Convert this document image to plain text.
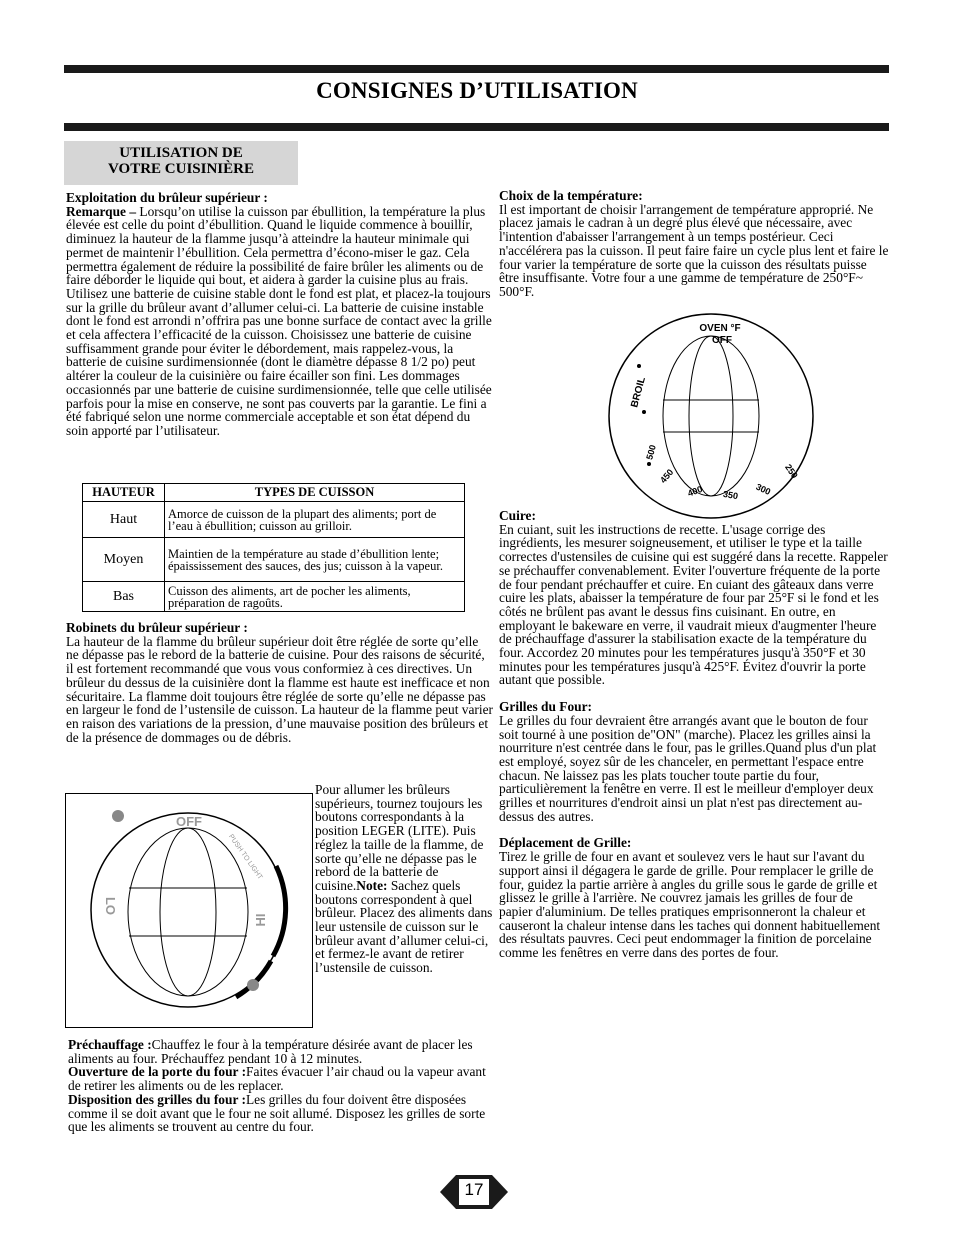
CONSIGNES D’UTILISATION
UTILISATION DE
VOTRE CUISINIÈRE

Exploitation du brûleur supérieur :

Remarque – Lorsqu’on utilise la cuisson par ébullition, la température la plus élevée est celle du point d’ébullition. Quand le liquide commence à bouillir, diminuez la hauteur de la flamme jusqu’à atteindre la hauteur minimale qui permet de maintenir l’ébullition. Cela permettra d’écono-miser le gaz. Cela permettra également de réduire la possibilité de faire brûler les aliments ou de faire déborder le liquide qui bout, et aidera à garder la cuisine plus au frais. Utilisez une batterie de cuisine stable dont le fond est plat, et placez-la toujours sur la grille du brûleur avant d’allumer celui-ci. La batterie de cuisine instable dont le fond est arrondi n’offrira pas une bonne surface de contact avec la grille et cela affectera l’efficacité de la cuisson. Choisissez une batterie de cuisine suffisamment grande pour éviter le débordement, mais rappelez-vous, la batterie de cuisine surdimensionnée (dont le diamètre dépasse 8 1/2 po) peut altérer la couleur de la cuisinière ou faire écailler son fini. Les dommages occasionnés par une batterie de cuisine surdimensionnée, telle que celle utilisée parfois pour la mise en conserve, ne sont pas couverts par la garantie. Le fini a été fabriqué selon une norme commerciale acceptable et son état dépend du soin apporté par l’utilisateur.

HAUTEUR	TYPES DE CUISSON
Haut	Amorce de cuisson de la plupart des aliments; port de l’eau à ébullition; cuisson au grilloir.
Moyen	Maintien de la température au stade d’ébullition lente; épaississement des sauces, des jus; cuisson à la vapeur.
Bas	Cuisson des aliments, art de pocher les aliments, préparation de ragoûts.

Robinets du brûleur supérieur :

La hauteur de la flamme du brûleur supérieur doit être réglée de sorte qu’elle ne dépasse pas le rebord de la batterie de cuisine. Pour des raisons de sécurité, il est fortement recommandé que vous vous conformiez à ces directives. Un brûleur du dessus de la cuisinière dont la flamme est haute est inefficace et non sécuritaire. La flamme doit toujours être réglée de sorte qu’elle ne dépasse pas en largeur le fond de l’ustensile de cuisson. La hauteur de la flamme peut varier en raison des variations de la pression, d’une mauvaise position des brûleurs et de la présence de dommages ou de débris.

OFF
LO
HI
PUSH TO LIGHT

Pour allumer les brûleurs supérieurs, tournez toujours les boutons correspondants à la position LEGER (LITE). Puis réglez la taille de la flamme, de sorte qu’elle ne dépasse pas le rebord de la batterie de cuisine.Note: Sachez quels boutons correspondent à quel brûleur. Placez des aliments dans leur ustensile de cuisson sur le brûleur avant d’allumer celui-ci, et fermez-le avant de retirer l’ustensile de cuisson.

Préchauffage :Chauffez le four à la température désirée avant de placer les aliments au four. Préchauffez pendant 10 à 12 minutes.

Ouverture de la porte du four :Faites évacuer l’air chaud ou la vapeur avant de retirer les aliments ou de les replacer.

Disposition des grilles du four :Les grilles du four doivent être disposées comme il se doit avant que le four ne soit allumé. Disposez les grilles de sorte que les aliments se trouvent au centre du four.

Choix de la température:

Il est important de choisir l'arrangement de température approprié. Ne placez jamais le cadran à un degré plus élevé que nécessaire, avec l'intention d'abaisser l'arrangement à un temps postérieur. Ceci n'accélérera pas la cuisson. Il peut faire faire un cycle plus lent et faire le four varier la température de sorte que la cuisson des résultats puisse être insuffisante. Votre four a une gamme de température de 250°F~ 500°F.

OVEN °F
OFF
BROIL
500
450
400 350 300
250

Cuire:

En cuiant, suit les instructions de recette. L'usage corrige des ingrédients, les mesurer soigneusement, et utiliser le type et la taille correctes d'ustensiles de cuisine qui est suggéré dans la recette. Rappeler se préchauffer convenablement. Eviter l'ouverture fréquente de la porte de four pendant préchauffer et cuire. En cuiant des gâteaux dans verre cuire les plats, abaisser la température de four par 25°F si le fond et les côtés ne brûlent pas avant le dessus fins cuisinant. En outre, en employant le bakeware en verre, il vaudrait mieux d'augmenter l'heure de préchauffage d'assurer la stabilisation exacte de la température du four. Accordez 20 minutes pour les températures jusqu'à 350°F et 30 minutes pour les températures jusqu'à 425°F. Évitez d'ouvrir la porte autant que possible.

Grilles du Four:

Le grilles du four devraient être arrangés avant que le bouton de four soit tourné à une position de"ON" (marche). Placez les grilles ainsi la nourriture n'est centrée dans le four, pas le grilles.Quand plus d'un plat est employé, soyez sûr de les chanceler, en permettant l'espace entre chacun. Ne laissez pas les plats toucher toute partie du four, particulièrement la fenêtre en verre. Il est le meilleur d'employer deux grilles et nourritures d'endroit ainsi un plat n'est pas directement au-dessus des autres.

Déplacement de Grille:

Tirez le grille de four en avant et soulevez vers le haut sur l'avant du support ainsi il dégagera le garde de grille. Pour remplacer le grille de four, guidez la partie arrière à angles du grille sous le garde de grille et glissez le grille à l'arrière. Ne couvrez jamais les grilles de four de papier d'aluminium. De telles pratiques emprisonneront la chaleur et causeront la chaleur intense dans les taches qui donnent habituellement des résultats pauvres. Ceci peut endommager la finition de porcelaine comme les fenêtres en verre dans des portes de four.

17
